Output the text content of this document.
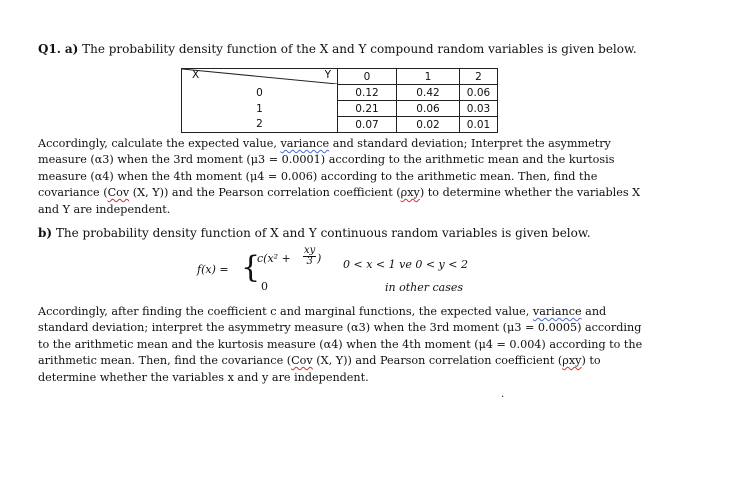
Q1. a) The probability density function of the X and Y compound random variables is given below.
X Y	0	1	2
0	0.12	0.42	0.06
1	0.21	0.06	0.03
2	0.07	0.02	0.01
Accordingly, calculate the expected value, variance and standard deviation; Interpret the asymmetry
measure (α3) when the 3rd moment (μ3 = 0.0001) according to the arithmetic mean and the kurtosis
measure (α4) when the 4th moment (μ4 = 0.006) according to the arithmetic mean. Then, find the
covariance (Cov (X, Y)) and the Pearson correlation coefficient (ρxy) to determine whether the variables X
and Y are independent.
b) The probability density function of X and Y continuous random variables is given below.
f(x) = {
$c(x^2 + \frac{xy}{3}$ )
0
0 < x < 1 ve 0 < y < 2
in other cases
Accordingly, after finding the coefficient c and marginal functions, the expected value, variance and
standard deviation; interpret the asymmetry measure (α3) when the 3rd moment (μ3 = 0.0005) according
to the arithmetic mean and the kurtosis measure (α4) when the 4th moment (μ4 = 0.004) according to the
arithmetic mean. Then, find the covariance (Cov (X, Y)) and Pearson correlation coefficient (ρxy) to
determine whether the variables x and y are independent.
.
